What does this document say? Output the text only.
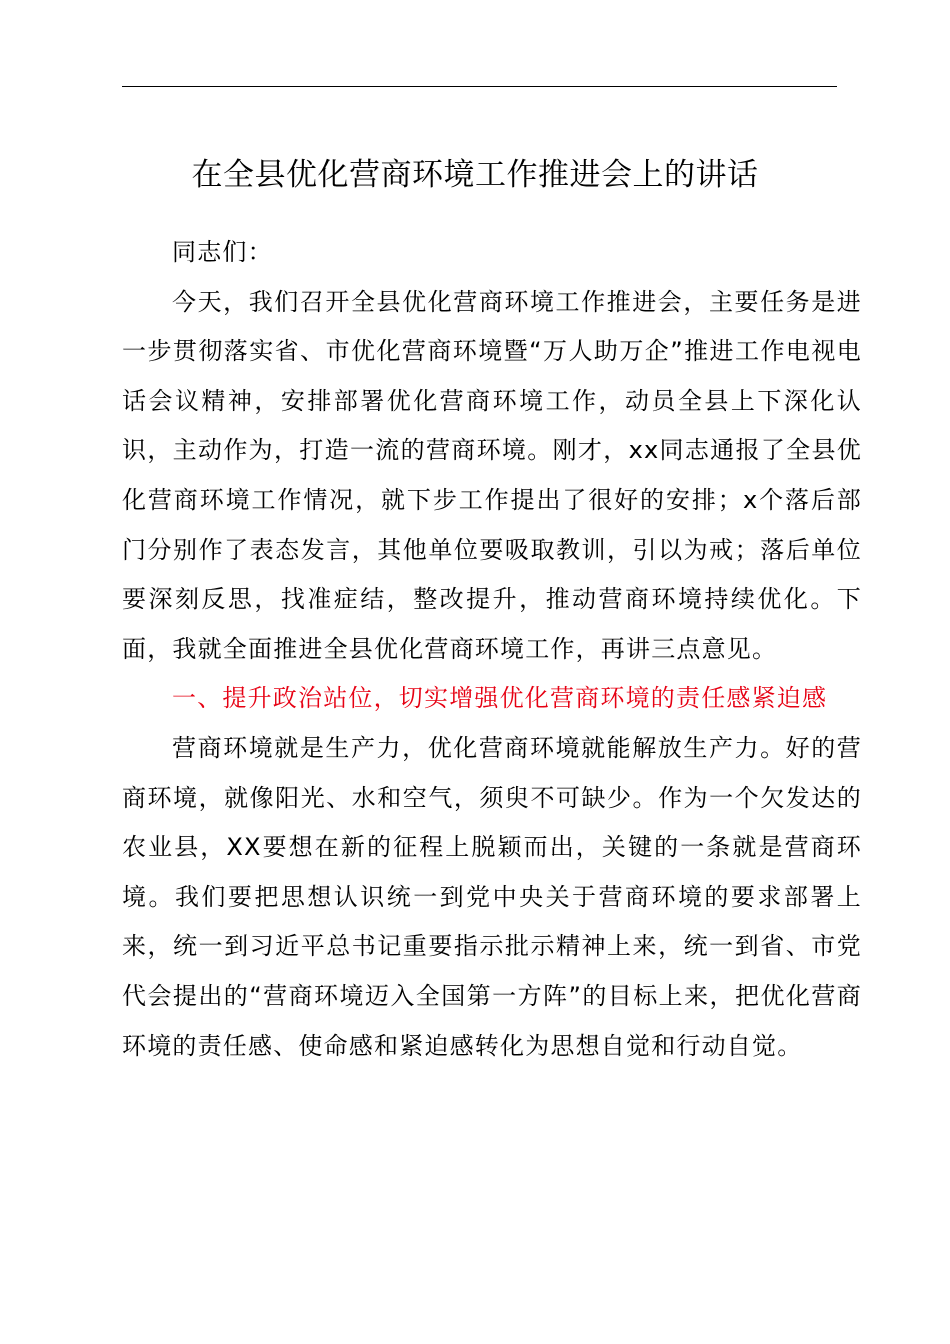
在全县优化营商环境工作推进会上的讲话

同志们：

今天，我们召开全县优化营商环境工作推进会，主要任务是进一步贯彻落实省、市优化营商环境暨“万人助万企”推进工作电视电话会议精神，安排部署优化营商环境工作，动员全县上下深化认识，主动作为，打造一流的营商环境。刚才，xx同志通报了全县优化营商环境工作情况，就下步工作提出了很好的安排；x个落后部门分别作了表态发言，其他单位要吸取教训，引以为戒；落后单位要深刻反思，找准症结，整改提升，推动营商环境持续优化。下面，我就全面推进全县优化营商环境工作，再讲三点意见。

一、提升政治站位，切实增强优化营商环境的责任感紧迫感

营商环境就是生产力，优化营商环境就能解放生产力。好的营商环境，就像阳光、水和空气，须臾不可缺少。作为一个欠发达的农业县，XX要想在新的征程上脱颖而出，关键的一条就是营商环境。我们要把思想认识统一到党中央关于营商环境的要求部署上来，统一到习近平总书记重要指示批示精神上来，统一到省、市党代会提出的“营商环境迈入全国第一方阵”的目标上来，把优化营商环境的责任感、使命感和紧迫感转化为思想自觉和行动自觉。
